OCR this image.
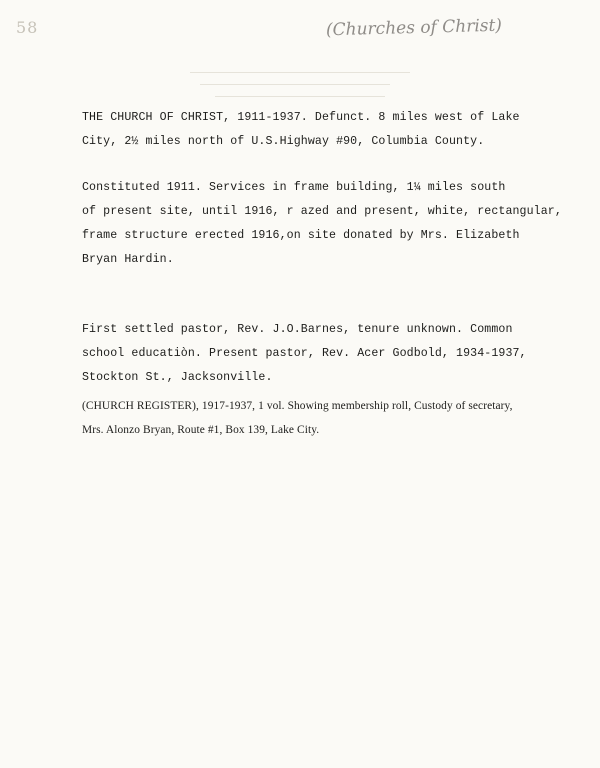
58	(Churches of Christ)
THE CHURCH OF CHRIST, 1911-1937. Defunct. 8 miles west of Lake
City, 2½ miles north of U.S.Highway #90, Columbia County.
Constituted 1911. Services in frame building, 1¼ miles south
of present site, until 1916, r azed and present, white, rectangular,
frame structure erected 1916,on site donated by Mrs. Elizabeth
Bryan Hardin.
First settled pastor, Rev. J.O.Barnes, tenure unknown. Common
school educatiòn. Present pastor, Rev. Acer Godbold, 1934-1937,
Stockton St., Jacksonville.
(CHURCH REGISTER), 1917-1937, 1 vol. Showing membership roll, Custody of secretary,
Mrs. Alonzo Bryan, Route #1, Box 139, Lake City.
